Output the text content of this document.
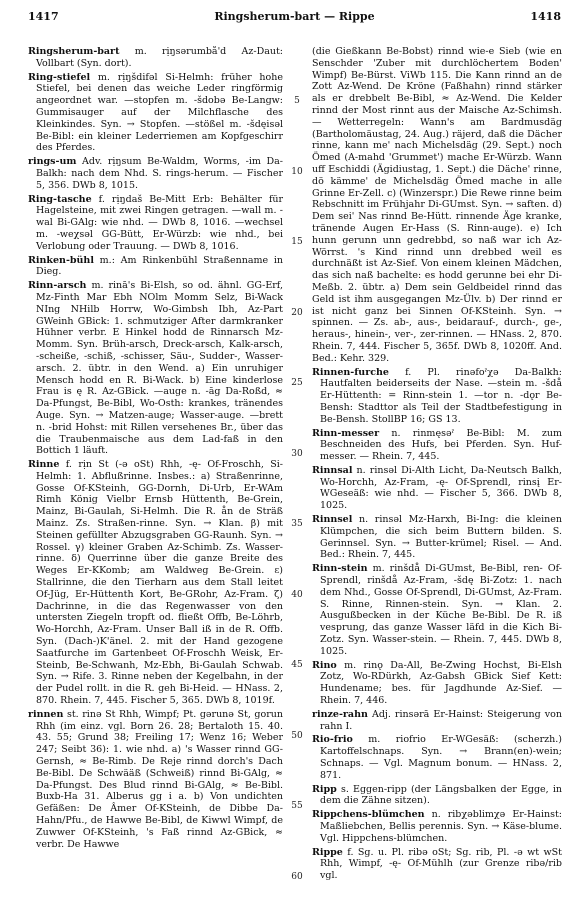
1417	Ringsherum-bart — Rippe	1418

Ringsherum-bart m. rịŋsərumbå'd Az-Daut: Vollbart (Syn. dort).

Ring-stiefel m. rịŋšdifəl Si-Helmh: früher hohe Stiefel, bei denen das weiche Leder ringförmig angeordnet war. —stopfen m. -šdobə Be-Langw: Gummisauger auf der Milchflasche des Kleinkindes. Syn. → Stopfen. —stößel m. -šdęisəl Be-Bibl: ein kleiner Lederriemen am Kopfgeschirr des Pferdes.

rings-um Adv. rịŋsum Be-Waldm, Worms, -im Da-Balkh: nach dem Nhd. S. rings-herum. — Fischer 5, 356. DWb 8, 1015.

Ring-tasche f. rịŋdaš Be-Mitt Erb: Behälter für Hagelsteine, mit zwei Ringen getragen. —wall m. -wal Bi-GAlg: wie nhd. — DWb 8, 1016. —wechsel m. -weχsəl GG-Bütt, Er-Würzb: wie nhd., bei Verlobung oder Trauung. — DWb 8, 1016.

Rinken-bühl m.: Am Rinkenbühl Straßenname in Dieg.

Rinn-arsch m. rinā's Bi-Elsh, so od. ähnl. GG-Erf, Mz-Finth Mar Ebh NOlm Momm Selz, Bi-Wack NIng NHilb Horrw, Wo-Gimbsh Ibh, Az-Part GWeinh GBick: 1. schmutziger After darmkranker Hühner verbr. E Hinkel hodd de Rinnarsch Mz-Momm. Syn. Brüh-arsch, Dreck-arsch, Kalk-arsch, -scheiße, -schiß, -schisser, Säu-, Sudder-, Wasser-arsch. 2. übtr. in den Wend. a) Ein unruhiger Mensch hodd en R. Bi-Wack. b) Eine kinderlose Frau is ę R. Az-GBick. —auge n. -āg Da-Roßd, ≈ Da-Pfungst, Be-Bibl, Wo-Osth: krankes, tränendes Auge. Syn. → Matzen-auge; Wasser-auge. —brett n. -brid Hohst: mit Rillen versehenes Br., über das die Traubenmaische aus dem Lad-faß in den Bottich 1 läuft.

Rinne f. rịn St (-ə oSt) Rhh, -ę- Of-Froschh, Si-Helmh: 1. Abflußrinne. Insbes.: a) Straßenrinne, Gosse Of-KSteinh, GG-Dornh, Di-Urb, Er-WAm Rimh König Vielbr Ernsb Hüttenth, Be-Grein, Mainz, Bi-Gaulah, Si-Helmh. Die R. ån de Sträß Mainz. Zs. Straßen-rinne. Syn. → Klan. β) mit Steinen gefüllter Abzugsgraben GG-Raunh. Syn. → Rossel. γ) kleiner Graben Az-Schimb. Zs. Wasser-rinne. δ) Querrinne über die ganze Breite des Weges Er-KKomb; am Waldweg Be-Grein. ε) Stallrinne, die den Tierharn aus dem Stall leitet Of-Jüg, Er-Hüttenth Kort, Be-GRohr, Az-Fram. ζ) Dachrinne, in die das Regenwasser von den untersten Ziegeln tropft od. fließt Offb, Be-Löhrb, Wo-Horchh, Az-Fram. Unser Ball iß in de R. Offb. Syn. (Dach-)K'änel. 2. mit der Hand gezogene Saatfurche im Gartenbeet Of-Froschh Weisk, Er-Steinb, Be-Schwanh, Mz-Ebh, Bi-Gaulah Schwab. Syn. → Rife. 3. Rinne neben der Kegelbahn, in der der Pudel rollt. in die R. geh Bi-Heid. — HNass. 2, 870. Rhein. 7, 445. Fischer 5, 365. DWb 8, 1019f.

rinnen st. rinə St Rhh, Wimpf; Pt. gərunə St, gorun Rhh (im einz. vgl. Born 26. 28; Bertaloth 15. 40. 43. 55; Grund 38; Freiling 17; Wenz 16; Weber 247; Seibt 36): 1. wie nhd. a) 's Wasser rinnd GG-Gernsh, ≈ Be-Rimb. De Reje rinnd dorch's Dach Be-Bibl. De Schwääß (Schweiß) rinnd Bi-GAlg, ≈ Da-Pfungst. Des Blud rinnd Bi-GAlg, ≈ Be-Bibl. Buxb-Ha 31. Alberus gg i a. b) Von undichten Gefäßen: De Âmer Of-KSteinh, de Dibbe Da-Hahn/Pfu., de Hawwe Be-Bibl, de Kiwwl Wimpf, de Zuwwer Of-KSteinh, 's Faß rinnd Az-GBick, ≈ verbr. De Hawwe

5
10
15
20
25
30
35
40
45
50
55
60

(die Gießkann Be-Bobst) rinnd wie-e Sieb (wie en Senschder 'Zuber mit durchlöchertem Boden' Wimpf) Be-Bürst. ViWb 115. Die Kann rinnd an de Zott Az-Wend. De Kröne (Faßhahn) rinnd stärker als er drebbelt Be-Bibl, ≈ Az-Wend. Die Kelder rinnd der Most rinnt aus der Maische Az-Schimsh. — Wetterregeln: Wann's am Bardmusdäg (Bartholomäustag, 24. Aug.) räjerd, daß die Dächer rinne, kann me' nach Michelsdäg (29. Sept.) noch Ömed (A-mahd 'Grummet') mache Er-Würzb. Wann uff Eschiddi (Ägidiustag, 1. Sept.) die Däche' rinne, dö kämme' de Michelsdäg Ömed mache in alle Grinne Er-Zell. c) (Winzerspr.) Die Rewe rinne beim Rebschnitt im Frühjahr Di-GUmst. Syn. → saften. d) Dem sei' Nas rinnd Be-Hütt. rinnende Äge kranke, tränende Augen Er-Hass (S. Rinn-auge). e) Ich hunn gerunn unn gedrebbd, so naß war ich Az-Wörrst. 's Kind rinnd unn drebbed weil es durchnäßt ist Az-Sief. Von einem kleinen Mädchen, das sich naß bachelte: es hodd gerunne bei ehr Di-Meßb. 2. übtr. a) Dem sein Geldbeidel rinnd das Geld ist ihm ausgegangen Mz-Ülv. b) Der rinnd er ist nicht ganz bei Sinnen Of-KSteinh. Syn. → spinnen. — Zs. ab-, aus-, beidarauf-, durch-, ge-, heraus-, hinein-, ver-, zer-rinnen. — HNass. 2, 870. Rhein. 7, 444. Fischer 5, 365f. DWb 8, 1020ff. And. Bed.: Kehr. 329.

Rinnen-furche f. Pl. rinəfoˀχə Da-Balkh: Hautfalten beiderseits der Nase. —stein m. -šdå Er-Hüttenth: = Rinn-stein 1. —tor n. -dǫr Be-Bensh: Stadttor als Teil der Stadtbefestigung in Be-Bensh. StollBP 16; GS 13.

Rinn-messer n. rinmęsəˀ Be-Bibl: M. zum Beschneiden des Hufs, bei Pferden. Syn. Huf-messer. — Rhein. 7, 445.

Rinnsal n. rinsəl Di-Alth Licht, Da-Neutsch Balkh, Wo-Horchh, Az-Fram, -ę- Of-Sprendl, rinsį Er-WGeseäß: wie nhd. — Fischer 5, 366. DWb 8, 1025.

Rinnsel n. rinsəl Mz-Harxh, Bi-Ing: die kleinen Klümpchen, die sich beim Buttern bilden. S. Gerinnsel. Syn. → Butter-krümel; Risel. — And. Bed.: Rhein. 7, 445.

Rinn-stein m. rinšdå Di-GUmst, Be-Bibl, ren- Of-Sprendl, rinšdå Az-Fram, -šdę Bi-Zotz: 1. nach dem Nhd., Gosse Of-Sprendl, Di-GUmst, Az-Fram. S. Rinne, Rinnen-stein. Syn. → Klan. 2. Ausgußbecken in der Küche Be-Bibl. De R. iß vesprung, das ganze Wasser läfd in die Kich Bi-Zotz. Syn. Wasser-stein. — Rhein. 7, 445. DWb 8, 1025.

Rino m. rinǫ Da-All, Be-Zwing Hochst, Bi-Elsh Zotz, Wo-RDürkh, Az-Gabsh GBick Sief Kett: Hundename; bes. für Jagdhunde Az-Sief. — Rhein. 7, 446.

rinze-rahn Adj. rinsərā Er-Hainst: Steigerung von rahn I.

Rio-frio m. riofrio Er-WGesäß: (scherzh.) Kartoffelschnaps. Syn. → Brann(en)-wein; Schnaps. — Vgl. Magnum bonum. — HNass. 2, 871.

Ripp s. Eggen-ripp (der Längsbalken der Egge, in dem die Zähne sitzen).

Rippchens-blümchen n. ribχəblimχə Er-Hainst: Maßliebchen, Bellis perennis. Syn. → Käse-blume. Vgl. Hippchens-blümchen.

Rippe f. Sg. u. Pl. ribə oSt; Sg. rib, Pl. -ə wt wSt Rhh, Wimpf, -ę- Of-Mühlh (zur Grenze ribə/rib vgl.
